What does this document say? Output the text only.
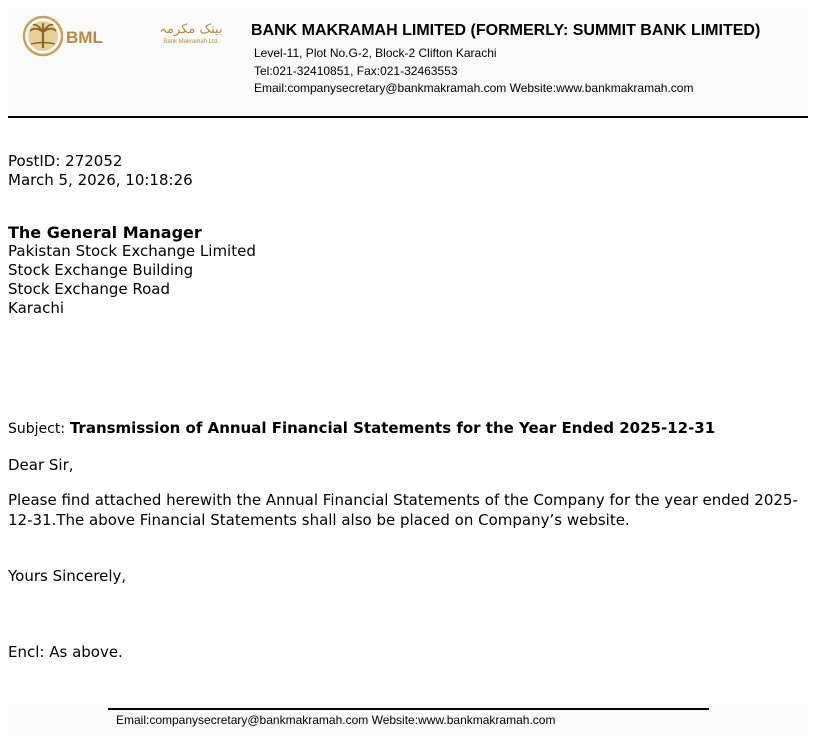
BML	بینک مکرمہ
Bank Makramah Ltd.
BANK MAKRAMAH LIMITED (FORMERLY: SUMMIT BANK LIMITED)
Level-11, Plot No.G-2, Block-2 Clifton Karachi
Tel:021-32410851, Fax:021-32463553
Email:companysecretary@bankmakramah.com Website:www.bankmakramah.com
PostID: 272052
March 5, 2026, 10:18:26
The General Manager
Pakistan Stock Exchange Limited
Stock Exchange Building
Stock Exchange Road
Karachi
Subject: Transmission of Annual Financial Statements for the Year Ended 2025-12-31
Dear Sir,
Please find attached herewith the Annual Financial Statements of the Company for the year ended 2025-12-31.The above Financial Statements shall also be placed on Company’s website.
Yours Sincerely,
Encl: As above.
Email:companysecretary@bankmakramah.com Website:www.bankmakramah.com
